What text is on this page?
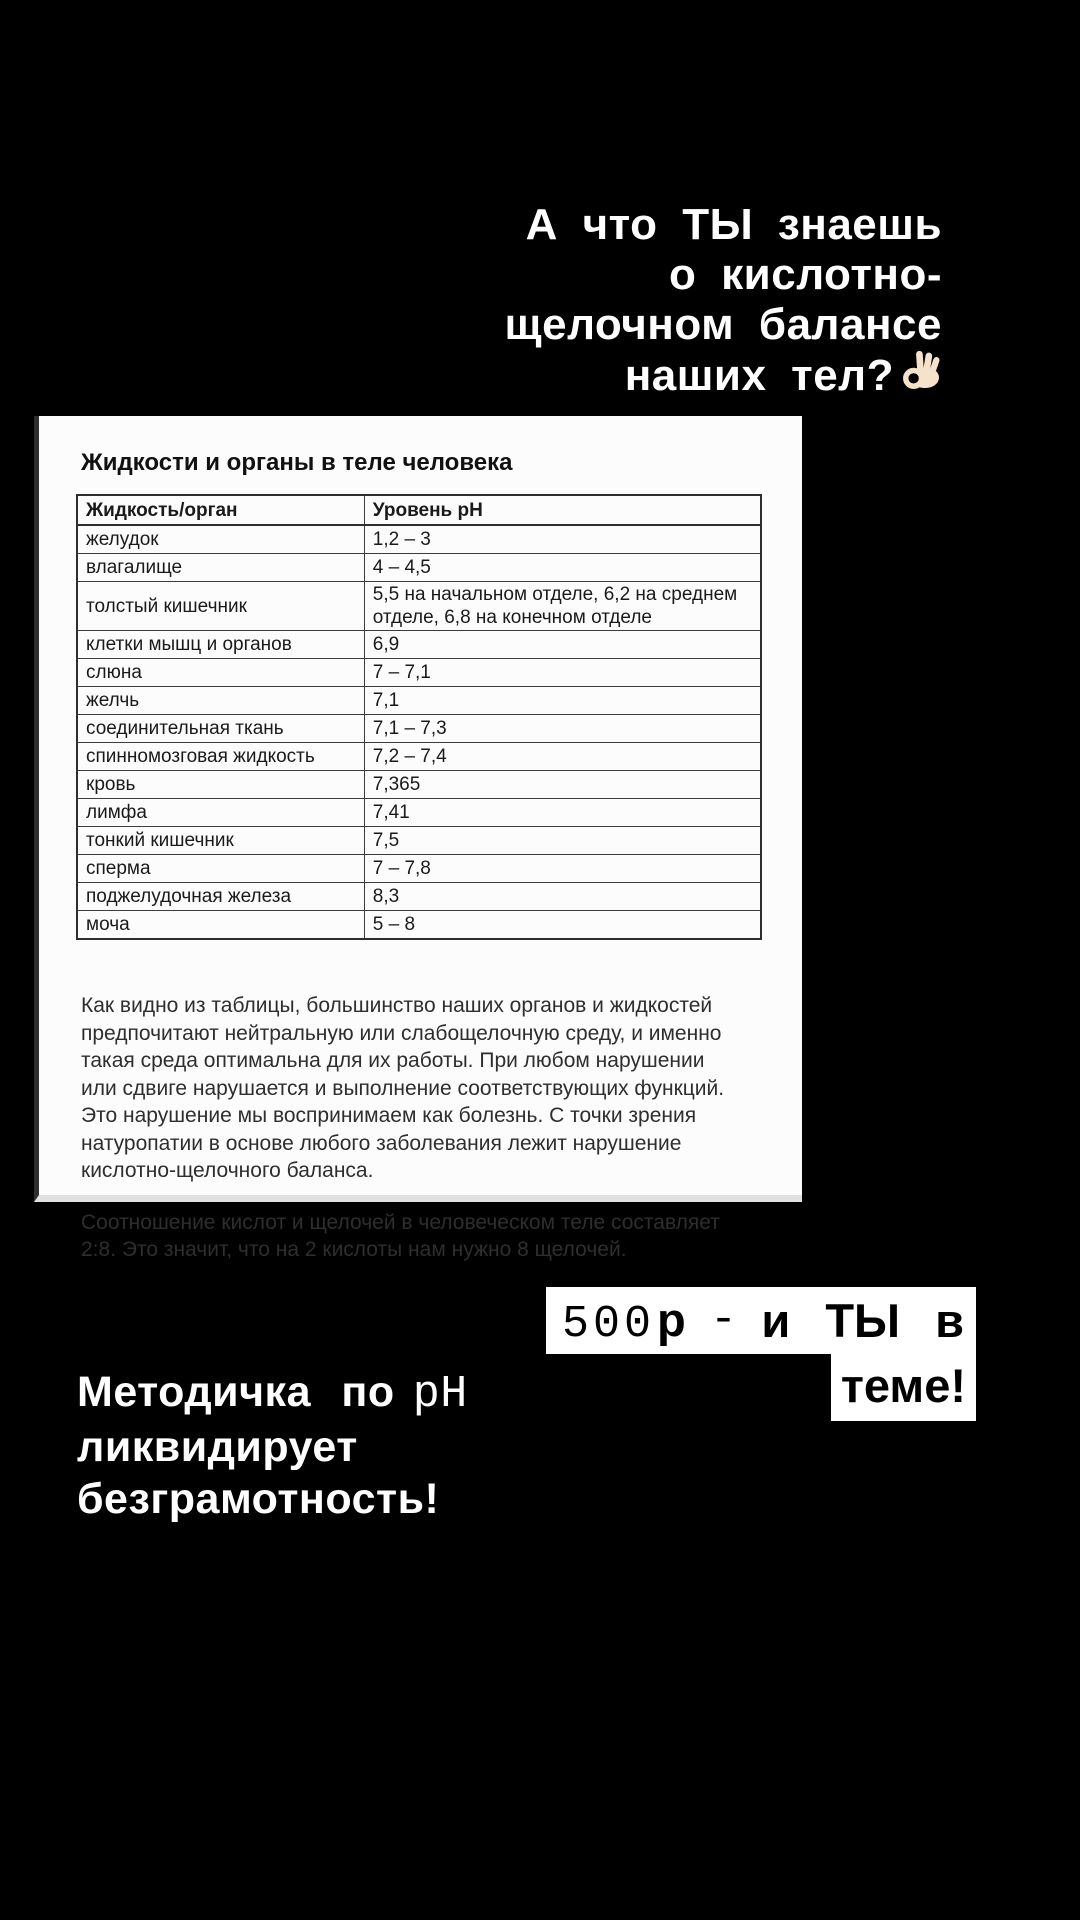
А что ТЫ знаешь
о кислотно-
щелочном балансе
наших тел?
Жидкости и органы в теле человека
Жидкость/орган	Уровень pH
желудок	1,2 – 3
влагалище	4 – 4,5
толстый кишечник	5,5 на начальном отделе, 6,2 на среднем отделе, 6,8 на конечном отделе
клетки мышц и органов	6,9
слюна	7 – 7,1
желчь	7,1
соединительная ткань	7,1 – 7,3
спинномозговая жидкость	7,2 – 7,4
кровь	7,365
лимфа	7,41
тонкий кишечник	7,5
сперма	7 – 7,8
поджелудочная железа	8,3
моча	5 – 8

Как видно из таблицы, большинство наших органов и жидкостей предпочитают нейтральную или слабощелочную среду, и именно такая среда оптимальна для их работы. При любом нарушении или сдвиге нарушается и выполнение соответствующих функций. Это нарушение мы воспринимаем как болезнь. С точки зрения натуропатии в основе любого заболевания лежит нарушение кислотно-щелочного баланса.

Соотношение кислот и щелочей в человеческом теле составляет 2:8. Это значит, что на 2 кислоты нам нужно 8 щелочей.

500р - и ТЫ в
теме!
Методичка по pH
ликвидирует
безграмотность!
